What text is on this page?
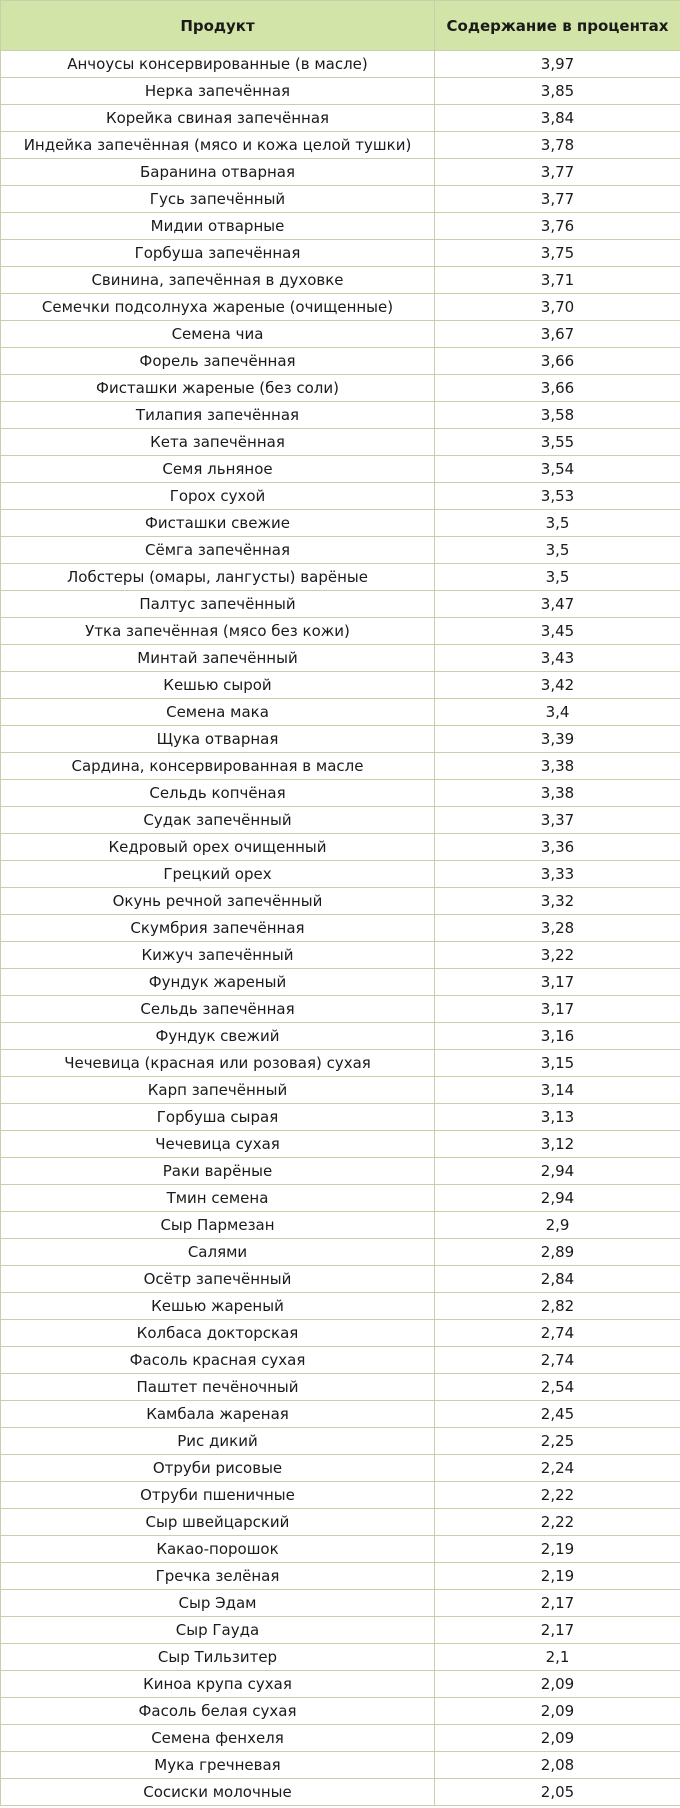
Продукт	Содержание в процентах
Анчоусы консервированные (в масле)	3,97
Нерка запечённая	3,85
Корейка свиная запечённая	3,84
Индейка запечённая (мясо и кожа целой тушки)	3,78
Баранина отварная	3,77
Гусь запечённый	3,77
Мидии отварные	3,76
Горбуша запечённая	3,75
Свинина, запечённая в духовке	3,71
Семечки подсолнуха жареные (очищенные)	3,70
Семена чиа	3,67
Форель запечённая	3,66
Фисташки жареные (без соли)	3,66
Тилапия запечённая	3,58
Кета запечённая	3,55
Семя льняное	3,54
Горох сухой	3,53
Фисташки свежие	3,5
Сёмга запечённая	3,5
Лобстеры (омары, лангусты) варёные	3,5
Палтус запечённый	3,47
Утка запечённая (мясо без кожи)	3,45
Минтай запечённый	3,43
Кешью сырой	3,42
Семена мака	3,4
Щука отварная	3,39
Сардина, консервированная в масле	3,38
Сельдь копчёная	3,38
Судак запечённый	3,37
Кедровый орех очищенный	3,36
Грецкий орех	3,33
Окунь речной запечённый	3,32
Скумбрия запечённая	3,28
Кижуч запечённый	3,22
Фундук жареный	3,17
Сельдь запечённая	3,17
Фундук свежий	3,16
Чечевица (красная или розовая) сухая	3,15
Карп запечённый	3,14
Горбуша сырая	3,13
Чечевица сухая	3,12
Раки варёные	2,94
Тмин семена	2,94
Сыр Пармезан	2,9
Салями	2,89
Осётр запечённый	2,84
Кешью жареный	2,82
Колбаса докторская	2,74
Фасоль красная сухая	2,74
Паштет печёночный	2,54
Камбала жареная	2,45
Рис дикий	2,25
Отруби рисовые	2,24
Отруби пшеничные	2,22
Сыр швейцарский	2,22
Какао-порошок	2,19
Гречка зелёная	2,19
Сыр Эдам	2,17
Сыр Гауда	2,17
Сыр Тильзитер	2,1
Киноа крупа сухая	2,09
Фасоль белая сухая	2,09
Семена фенхеля	2,09
Мука гречневая	2,08
Сосиски молочные	2,05
